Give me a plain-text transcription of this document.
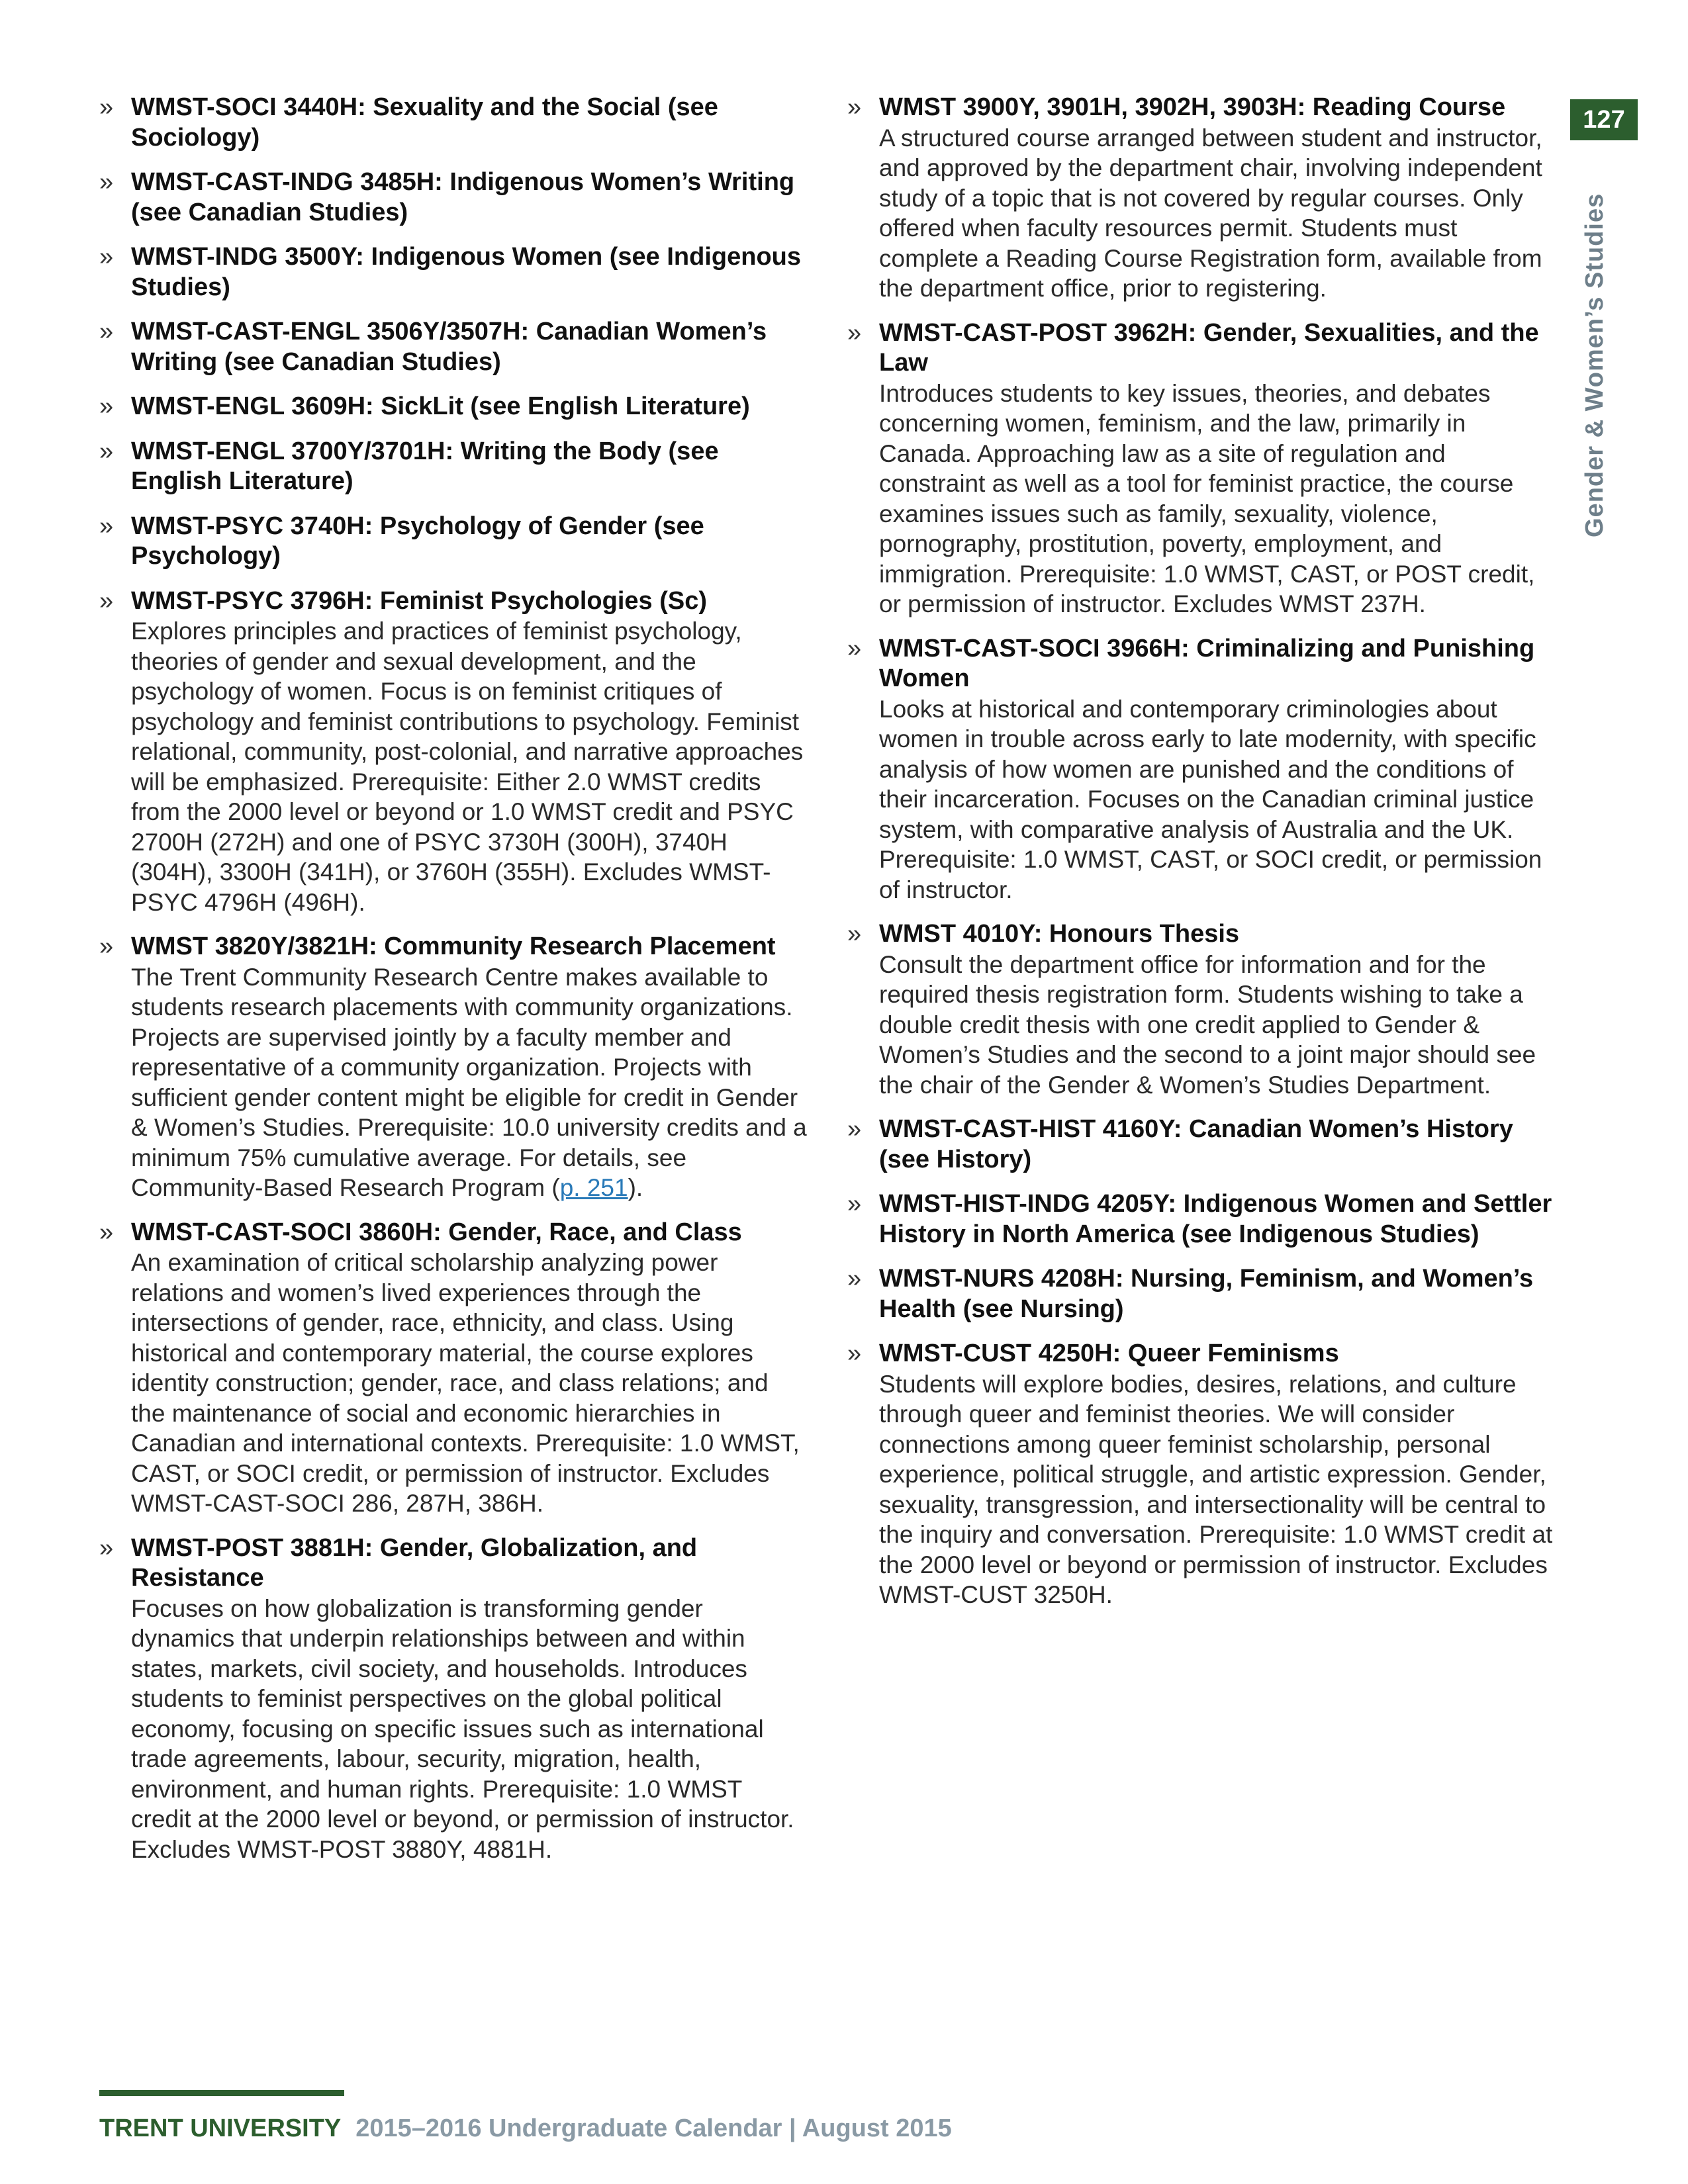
» WMST-SOCI 3440H: Sexuality and the Social (see Sociology)
» WMST-CAST-INDG 3485H: Indigenous Women’s Writing (see Canadian Studies)
» WMST-INDG 3500Y: Indigenous Women (see Indigenous Studies)
» WMST-CAST-ENGL 3506Y/3507H: Canadian Women’s Writing (see Canadian Studies)
» WMST-ENGL 3609H: SickLit (see English Literature)
» WMST-ENGL 3700Y/3701H: Writing the Body (see English Literature)
» WMST-PSYC 3740H: Psychology of Gender (see Psychology)
» WMST-PSYC 3796H: Feminist Psychologies (Sc)
Explores principles and practices of feminist psychology, theories of gender and sexual development, and the psychology of women. Focus is on feminist critiques of psychology and feminist contributions to psychology. Feminist relational, community, post-colonial, and narrative approaches will be emphasized. Prerequisite: Either 2.0 WMST credits from the 2000 level or beyond or 1.0 WMST credit and PSYC 2700H (272H) and one of PSYC 3730H (300H), 3740H (304H), 3300H (341H), or 3760H (355H). Excludes WMST-PSYC 4796H (496H).
» WMST 3820Y/3821H: Community Research Placement
The Trent Community Research Centre makes available to students research placements with community organizations. Projects are supervised jointly by a faculty member and representative of a community organization. Projects with sufficient gender content might be eligible for credit in Gender & Women’s Studies. Prerequisite: 10.0 university credits and a minimum 75% cumulative average. For details, see Community-Based Research Program (p. 251).
» WMST-CAST-SOCI 3860H: Gender, Race, and Class
An examination of critical scholarship analyzing power relations and women’s lived experiences through the intersections of gender, race, ethnicity, and class. Using historical and contemporary material, the course explores identity construction; gender, race, and class relations; and the maintenance of social and economic hierarchies in Canadian and international contexts. Prerequisite: 1.0 WMST, CAST, or SOCI credit, or permission of instructor. Excludes WMST-CAST-SOCI 286, 287H, 386H.
» WMST-POST 3881H: Gender, Globalization, and Resistance
Focuses on how globalization is transforming gender dynamics that underpin relationships between and within states, markets, civil society, and households. Introduces students to feminist perspectives on the global political economy, focusing on specific issues such as international trade agreements, labour, security, migration, health, environment, and human rights. Prerequisite: 1.0 WMST credit at the 2000 level or beyond, or permission of instructor. Excludes WMST-POST 3880Y, 4881H.
» WMST 3900Y, 3901H, 3902H, 3903H: Reading Course
A structured course arranged between student and instructor, and approved by the department chair, involving independent study of a topic that is not covered by regular courses. Only offered when faculty resources permit. Students must complete a Reading Course Registration form, available from the department office, prior to registering.
» WMST-CAST-POST 3962H: Gender, Sexualities, and the Law
Introduces students to key issues, theories, and debates concerning women, feminism, and the law, primarily in Canada. Approaching law as a site of regulation and constraint as well as a tool for feminist practice, the course examines issues such as family, sexuality, violence, pornography, prostitution, poverty, employment, and immigration. Prerequisite: 1.0 WMST, CAST, or POST credit, or permission of instructor. Excludes WMST 237H.
» WMST-CAST-SOCI 3966H: Criminalizing and Punishing Women
Looks at historical and contemporary criminologies about women in trouble across early to late modernity, with specific analysis of how women are punished and the conditions of their incarceration. Focuses on the Canadian criminal justice system, with comparative analysis of Australia and the UK. Prerequisite: 1.0 WMST, CAST, or SOCI credit, or permission of instructor.
» WMST 4010Y: Honours Thesis
Consult the department office for information and for the required thesis registration form. Students wishing to take a double credit thesis with one credit applied to Gender & Women’s Studies and the second to a joint major should see the chair of the Gender & Women’s Studies Department.
» WMST-CAST-HIST 4160Y: Canadian Women’s History (see History)
» WMST-HIST-INDG 4205Y: Indigenous Women and Settler History in North America (see Indigenous Studies)
» WMST-NURS 4208H: Nursing, Feminism, and Women’s Health (see Nursing)
» WMST-CUST 4250H: Queer Feminisms
Students will explore bodies, desires, relations, and culture through queer and feminist theories. We will consider connections among queer feminist scholarship, personal experience, political struggle, and artistic expression. Gender, sexuality, transgression, and intersectionality will be central to the inquiry and conversation. Prerequisite: 1.0 WMST credit at the 2000 level or beyond or permission of instructor. Excludes WMST-CUST 3250H.
127
Gender & Women’s Studies
TRENT UNIVERSITY 2015–2016 Undergraduate Calendar | August 2015
